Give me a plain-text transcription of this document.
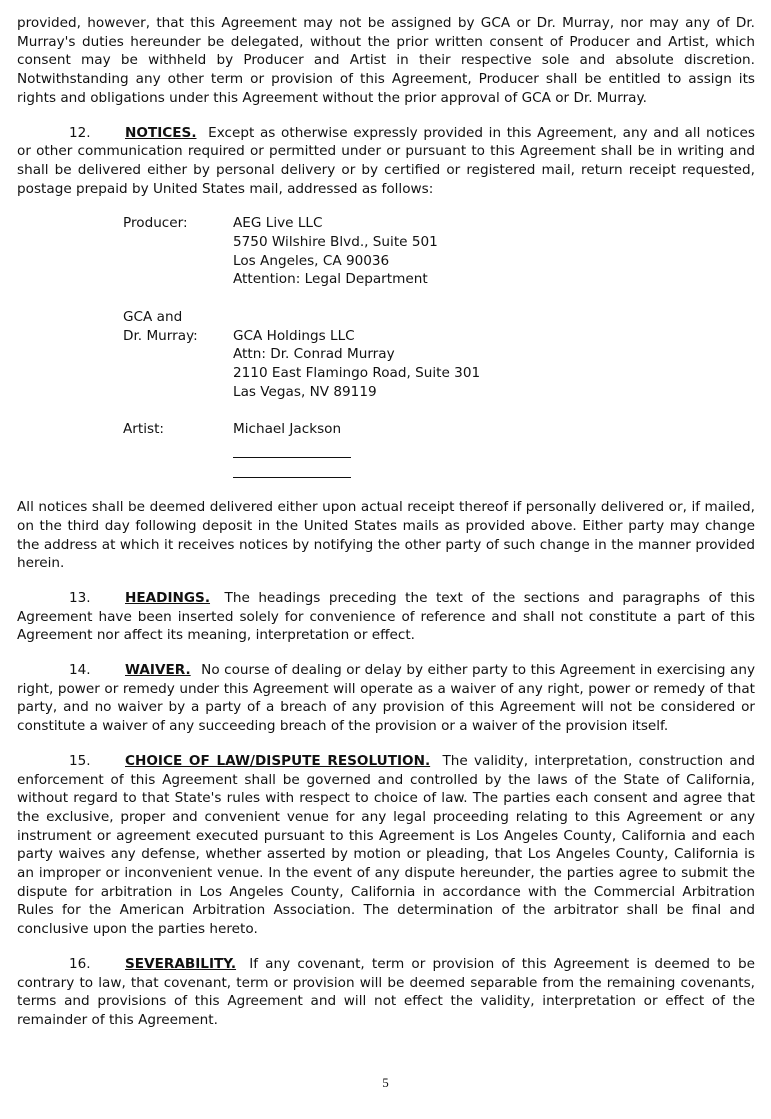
provided, however, that this Agreement may not be assigned by GCA or Dr. Murray, nor may any of Dr. Murray's duties hereunder be delegated, without the prior written consent of Producer and Artist, which consent may be withheld by Producer and Artist in their respective sole and absolute discretion. Notwithstanding any other term or provision of this Agreement, Producer shall be entitled to assign its rights and obligations under this Agreement without the prior approval of GCA or Dr. Murray.

12.	NOTICES. Except as otherwise expressly provided in this Agreement, any and all notices or other communication required or permitted under or pursuant to this Agreement shall be in writing and shall be delivered either by personal delivery or by certified or registered mail, return receipt requested, postage prepaid by United States mail, addressed as follows:

Producer:	AEG Live LLC
5750 Wilshire Blvd., Suite 501
Los Angeles, CA 90036
Attention: Legal Department
GCA and
Dr. Murray:	GCA Holdings LLC
Attn: Dr. Conrad Murray
2110 East Flamingo Road, Suite 301
Las Vegas, NV 89119
Artist:	Michael Jackson

All notices shall be deemed delivered either upon actual receipt thereof if personally delivered or, if mailed, on the third day following deposit in the United States mails as provided above. Either party may change the address at which it receives notices by notifying the other party of such change in the manner provided herein.

13.	HEADINGS. The headings preceding the text of the sections and paragraphs of this Agreement have been inserted solely for convenience of reference and shall not constitute a part of this Agreement nor affect its meaning, interpretation or effect.

14.	WAIVER. No course of dealing or delay by either party to this Agreement in exercising any right, power or remedy under this Agreement will operate as a waiver of any right, power or remedy of that party, and no waiver by a party of a breach of any provision of this Agreement will not be considered or constitute a waiver of any succeeding breach of the provision or a waiver of the provision itself.

15.	CHOICE OF LAW/DISPUTE RESOLUTION. The validity, interpretation, construction and enforcement of this Agreement shall be governed and controlled by the laws of the State of California, without regard to that State's rules with respect to choice of law. The parties each consent and agree that the exclusive, proper and convenient venue for any legal proceeding relating to this Agreement or any instrument or agreement executed pursuant to this Agreement is Los Angeles County, California and each party waives any defense, whether asserted by motion or pleading, that Los Angeles County, California is an improper or inconvenient venue. In the event of any dispute hereunder, the parties agree to submit the dispute for arbitration in Los Angeles County, California in accordance with the Commercial Arbitration Rules for the American Arbitration Association. The determination of the arbitrator shall be final and conclusive upon the parties hereto.

16.	SEVERABILITY. If any covenant, term or provision of this Agreement is deemed to be contrary to law, that covenant, term or provision will be deemed separable from the remaining covenants, terms and provisions of this Agreement and will not effect the validity, interpretation or effect of the remainder of this Agreement.

5
